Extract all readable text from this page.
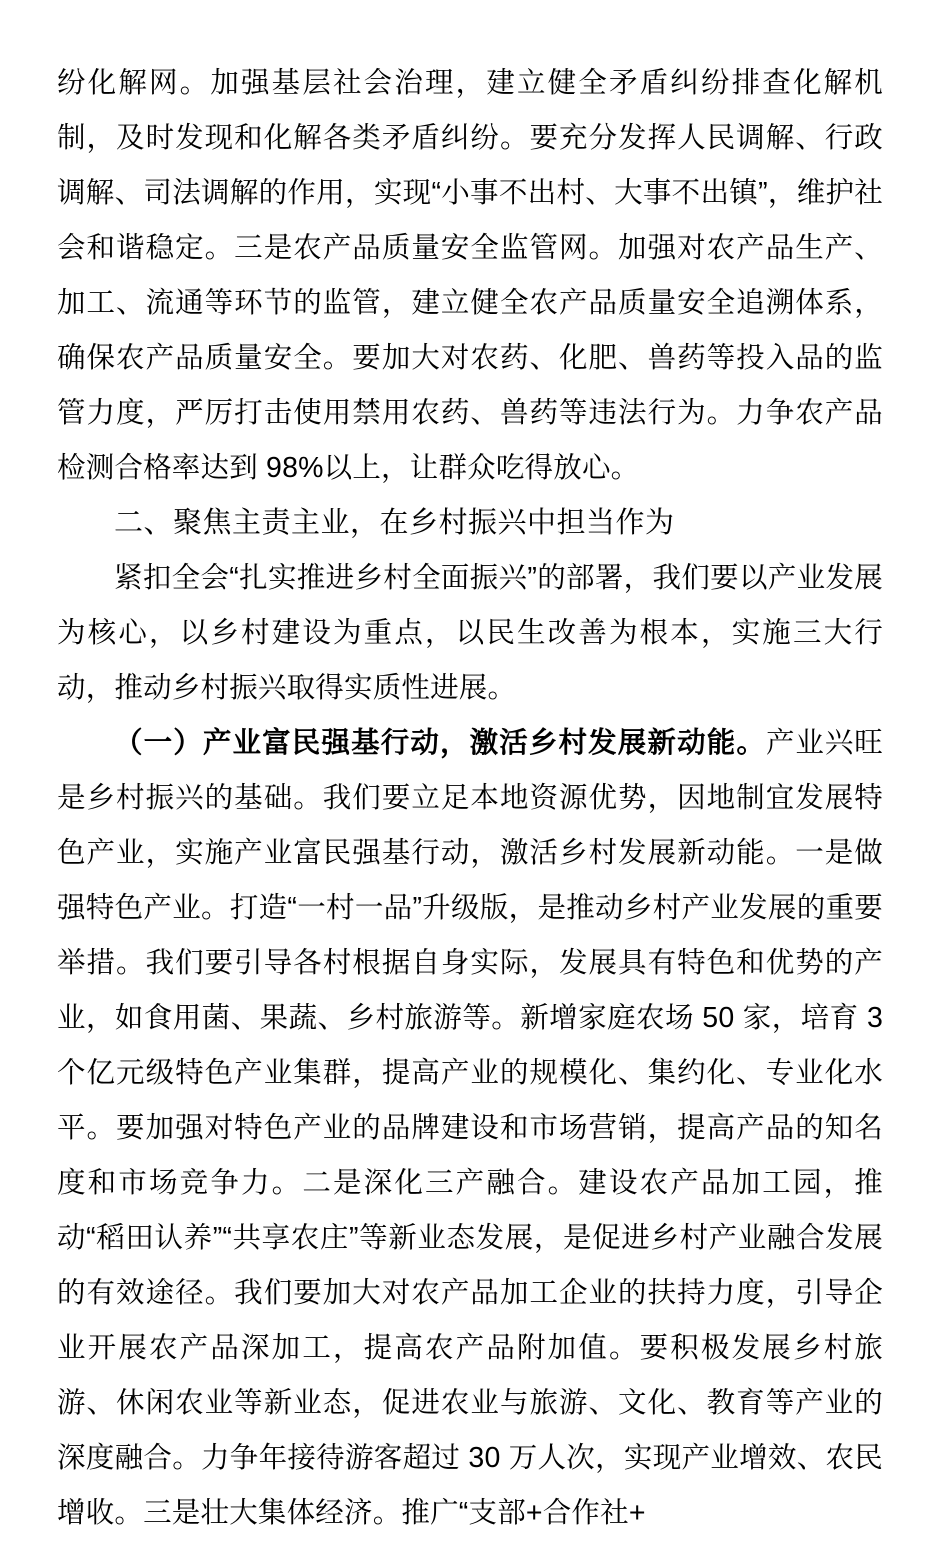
纷化解网。加强基层社会治理，建立健全矛盾纠纷排查化解机制，及时发现和化解各类矛盾纠纷。要充分发挥人民调解、行政调解、司法调解的作用，实现“小事不出村、大事不出镇”，维护社会和谐稳定。三是农产品质量安全监管网。加强对农产品生产、加工、流通等环节的监管，建立健全农产品质量安全追溯体系，确保农产品质量安全。要加大对农药、化肥、兽药等投入品的监管力度，严厉打击使用禁用农药、兽药等违法行为。力争农产品检测合格率达到 98%以上，让群众吃得放心。

二、聚焦主责主业，在乡村振兴中担当作为

紧扣全会“扎实推进乡村全面振兴”的部署，我们要以产业发展为核心，以乡村建设为重点，以民生改善为根本，实施三大行动，推动乡村振兴取得实质性进展。

（一）产业富民强基行动，激活乡村发展新动能。产业兴旺是乡村振兴的基础。我们要立足本地资源优势，因地制宜发展特色产业，实施产业富民强基行动，激活乡村发展新动能。一是做强特色产业。打造“一村一品”升级版，是推动乡村产业发展的重要举措。我们要引导各村根据自身实际，发展具有特色和优势的产业，如食用菌、果蔬、乡村旅游等。新增家庭农场 50 家，培育 3 个亿元级特色产业集群，提高产业的规模化、集约化、专业化水平。要加强对特色产业的品牌建设和市场营销，提高产品的知名度和市场竞争力。二是深化三产融合。建设农产品加工园，推动“稻田认养”“共享农庄”等新业态发展，是促进乡村产业融合发展的有效途径。我们要加大对农产品加工企业的扶持力度，引导企业开展农产品深加工，提高农产品附加值。要积极发展乡村旅游、休闲农业等新业态，促进农业与旅游、文化、教育等产业的深度融合。力争年接待游客超过 30 万人次，实现产业增效、农民增收。三是壮大集体经济。推广“支部+合作社+
